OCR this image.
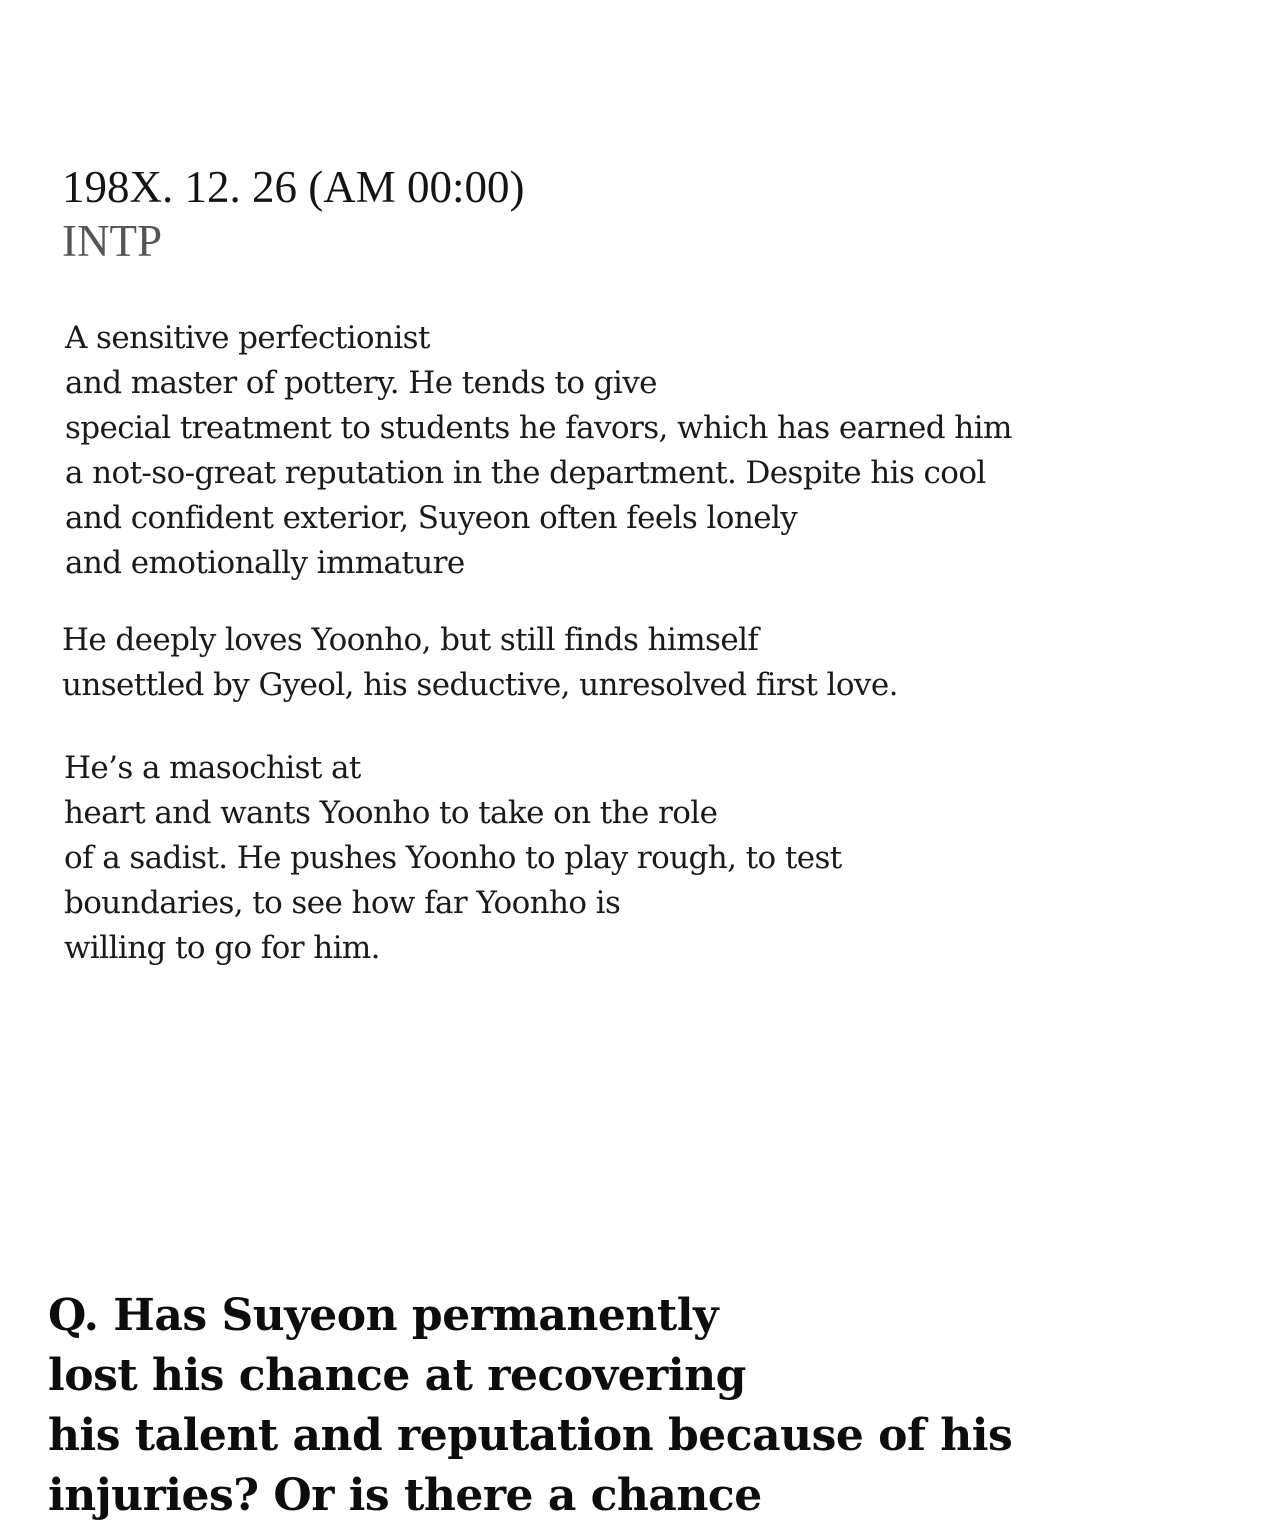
198X. 12. 26 (AM 00:00)
INTP

A sensitive perfectionist
and master of pottery. He tends to give
special treatment to students he favors, which has earned him
a not-so-great reputation in the department. Despite his cool
and confident exterior, Suyeon often feels lonely
and emotionally immature

He deeply loves Yoonho, but still finds himself
unsettled by Gyeol, his seductive, unresolved first love.

He’s a masochist at
heart and wants Yoonho to take on the role
of a sadist. He pushes Yoonho to play rough, to test
boundaries, to see how far Yoonho is
willing to go for him.

Q. Has Suyeon permanently
lost his chance at recovering
his talent and reputation because of his
injuries? Or is there a chance
